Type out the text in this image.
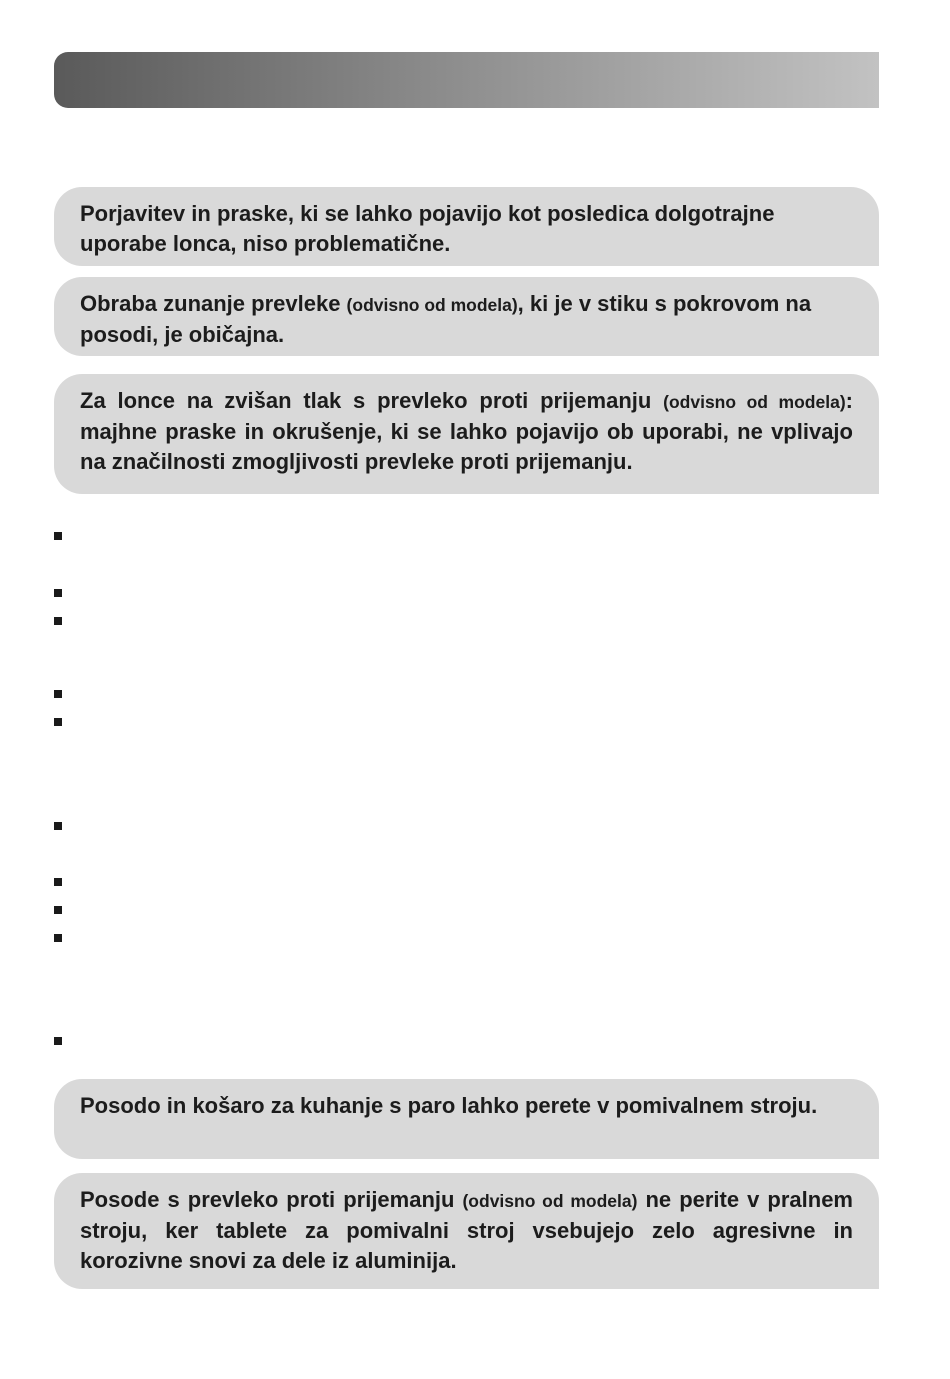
Porjavitev in praske, ki se lahko pojavijo kot posledica dolgotrajne uporabe lonca, niso problematične.

Obraba zunanje prevleke (odvisno od modela), ki je v stiku s pokrovom na posodi, je običajna.

Za lonce na zvišan tlak s prevleko proti prijemanju (odvisno od modela): majhne praske in okrušenje, ki se lahko pojavijo ob uporabi, ne vplivajo na značilnosti zmogljivosti prevleke proti prijemanju.

Posodo in košaro za kuhanje s paro lahko perete v pomivalnem stroju.

Posode s prevleko proti prijemanju (odvisno od modela) ne perite v pralnem stroju, ker tablete za pomivalni stroj vsebujejo zelo agresivne in korozivne snovi za dele iz aluminija.
